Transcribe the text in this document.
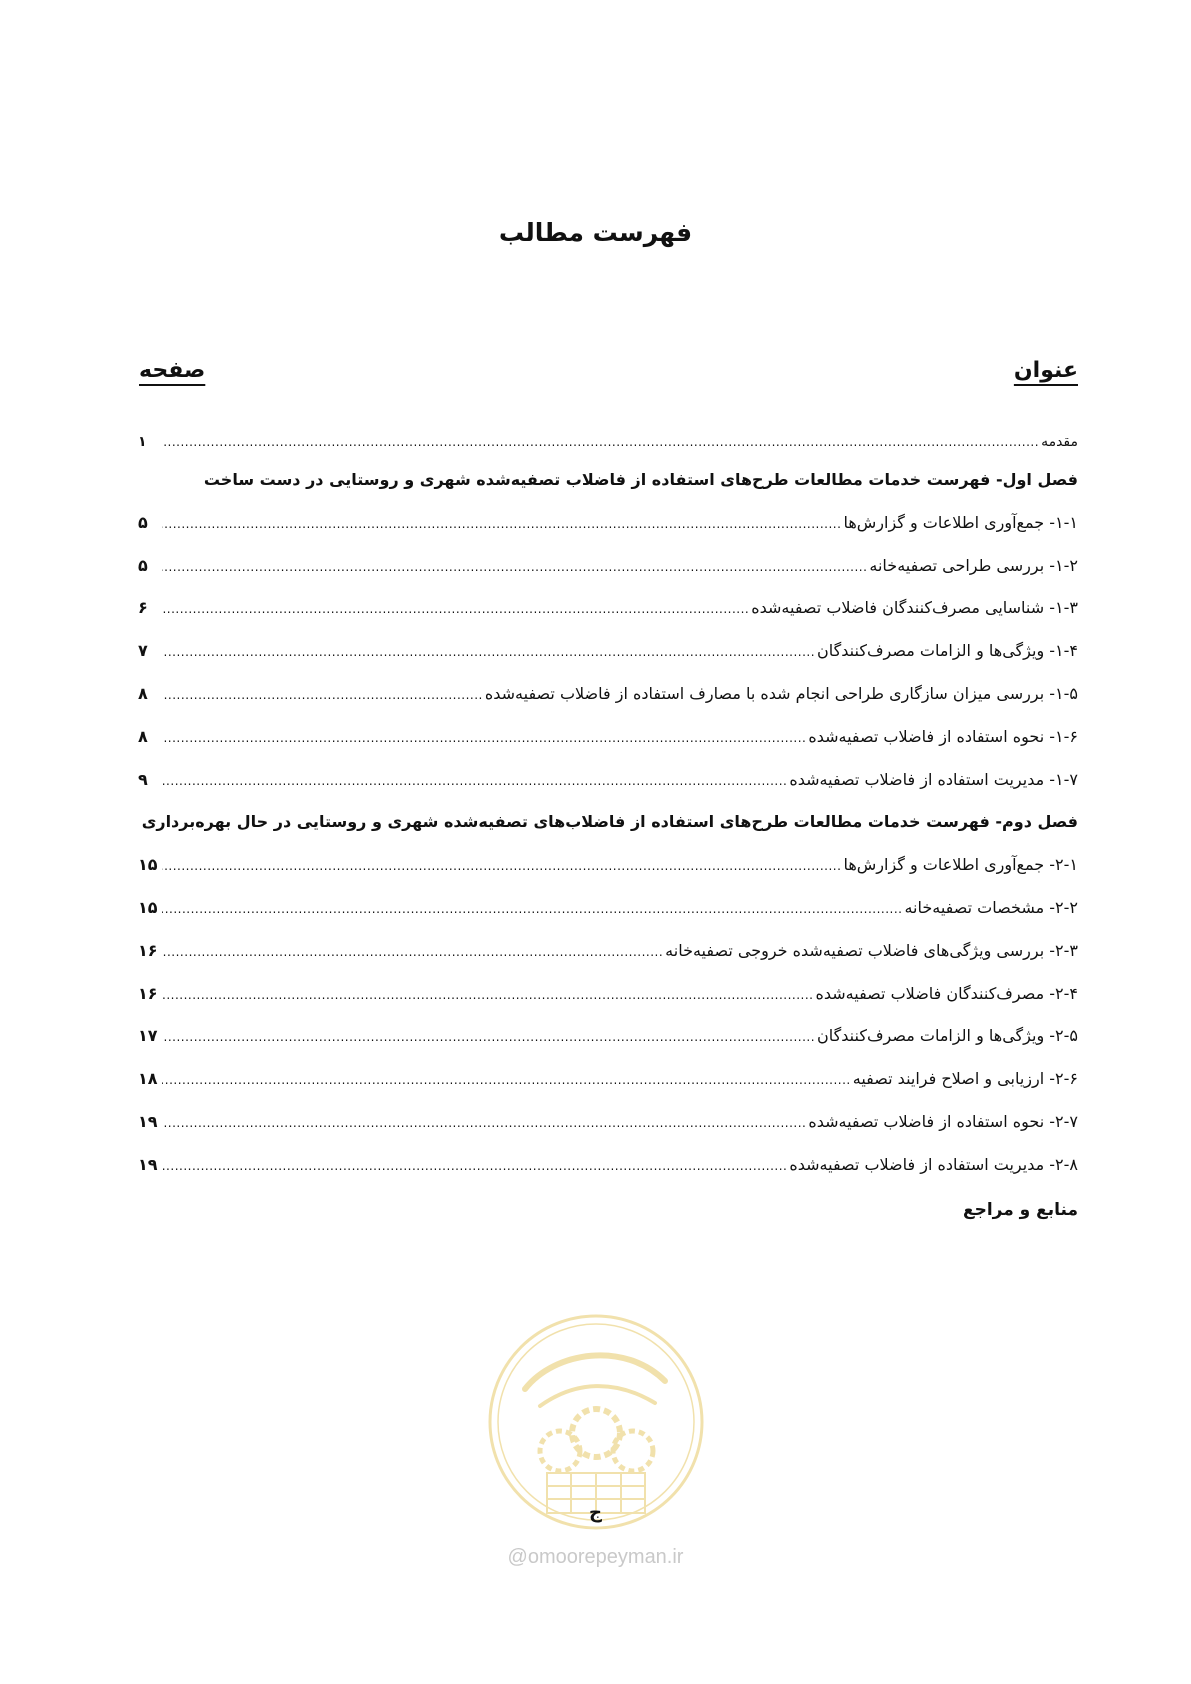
فهرست مطالب
عنوان
صفحه
مقدمه
.....
۱
فصل اول- فهرست خدمات مطالعات طرح‌های استفاده از فاضلاب تصفیه‌شده شهری و روستایی در دست ساخت
۱-۱- جمع‌آوری اطلاعات و گزارش‌ها
.....
۵
۱-۲- بررسی طراحی تصفیه‌خانه
.....
۵
۱-۳- شناسایی مصرف‌کنندگان فاضلاب تصفیه‌شده
.....
۶
۱-۴- ویژگی‌ها و الزامات مصرف‌کنندگان
.....
۷
۱-۵- بررسی میزان سازگاری طراحی انجام شده با مصارف استفاده از فاضلاب تصفیه‌شده
.....
۸
۱-۶- نحوه استفاده از فاضلاب تصفیه‌شده
.....
۸
۱-۷- مدیریت استفاده از فاضلاب تصفیه‌شده
.....
۹
فصل دوم- فهرست خدمات مطالعات طرح‌های استفاده از فاضلاب‌های تصفیه‌شده شهری و روستایی در حال بهره‌برداری
۲-۱- جمع‌آوری اطلاعات و گزارش‌ها
.....
۱۵
۲-۲- مشخصات تصفیه‌خانه
.....
۱۵
۲-۳- بررسی ویژگی‌های فاضلاب تصفیه‌شده خروجی تصفیه‌خانه
.....
۱۶
۲-۴- مصرف‌کنندگان فاضلاب تصفیه‌شده
.....
۱۶
۲-۵- ویژگی‌ها و الزامات مصرف‌کنندگان
.....
۱۷
۲-۶- ارزیابی و اصلاح فرایند تصفیه
.....
۱۸
۲-۷- نحوه استفاده از فاضلاب تصفیه‌شده
.....
۱۹
۲-۸- مدیریت استفاده از فاضلاب تصفیه‌شده
.....
۱۹
منابع و مراجع
ج
@omoorepeyman.ir
